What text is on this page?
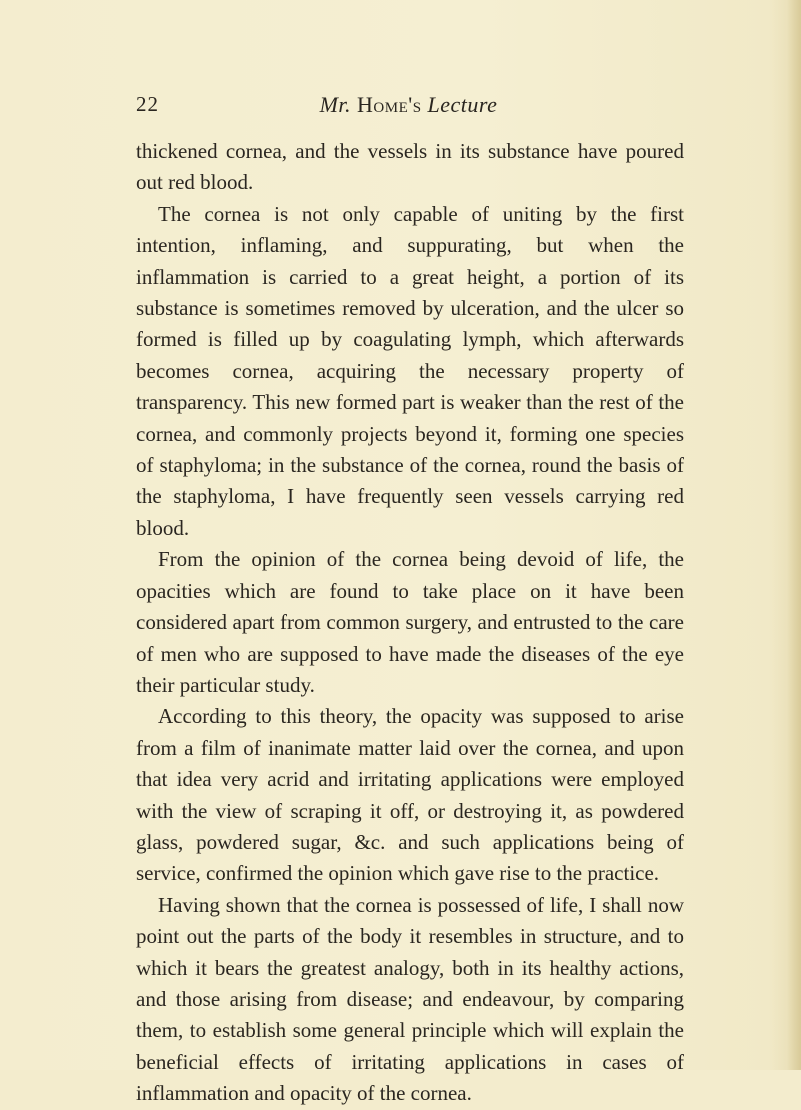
22	Mr. Home's Lecture

thickened cornea, and the vessels in its substance have poured out red blood.

The cornea is not only capable of uniting by the first intention, inflaming, and suppurating, but when the inflammation is carried to a great height, a portion of its substance is sometimes removed by ulceration, and the ulcer so formed is filled up by coagulating lymph, which afterwards becomes cornea, acquiring the necessary property of transparency. This new formed part is weaker than the rest of the cornea, and commonly projects beyond it, forming one species of staphyloma; in the substance of the cornea, round the basis of the staphyloma, I have frequently seen vessels carrying red blood.

From the opinion of the cornea being devoid of life, the opacities which are found to take place on it have been considered apart from common surgery, and entrusted to the care of men who are supposed to have made the diseases of the eye their particular study.

According to this theory, the opacity was supposed to arise from a film of inanimate matter laid over the cornea, and upon that idea very acrid and irritating applications were employed with the view of scraping it off, or destroying it, as powdered glass, powdered sugar, &c. and such applications being of service, confirmed the opinion which gave rise to the practice.

Having shown that the cornea is possessed of life, I shall now point out the parts of the body it resembles in structure, and to which it bears the greatest analogy, both in its healthy actions, and those arising from disease; and endeavour, by comparing them, to establish some general principle which will explain the beneficial effects of irritating applications in cases of inflammation and opacity of the cornea.
